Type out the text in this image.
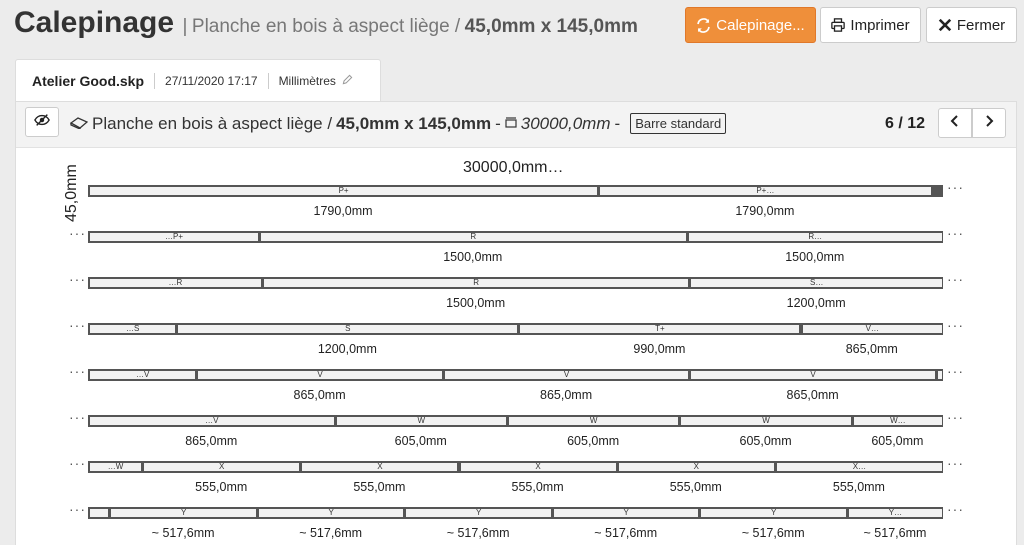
Calepinage | Planche en bois à aspect liège / 45,0mm x 145,0mm	Calepinage...	Imprimer	Fermer
Atelier Good.skp 27/11/2020 17:17 Millimètres
Planche en bois à aspect liège / 45,0mm x 145,0mm - 30000,0mm -	Barre standard	6 / 12
30000,0mm…
45,0mm	P+	P+…	···
1790,0mm	1790,0mm
…P+	R	R…
···	···
1500,0mm	1500,0mm
…R	R	S…
···	···
1500,0mm	1200,0mm
…S	S	T+	V…
···	···
1200,0mm	990,0mm	865,0mm
…V	V	V	V
···	···
865,0mm	865,0mm	865,0mm
…V	W	W	W	W…
···	···
865,0mm	605,0mm	605,0mm	605,0mm	605,0mm
…W	X	X	X	X	X…
···	···
555,0mm	555,0mm	555,0mm	555,0mm	555,0mm
Y	Y	Y	Y	Y	Y…
···	···
~ 517,6mm	~ 517,6mm	~ 517,6mm	~ 517,6mm	~ 517,6mm	~ 517,6mm
